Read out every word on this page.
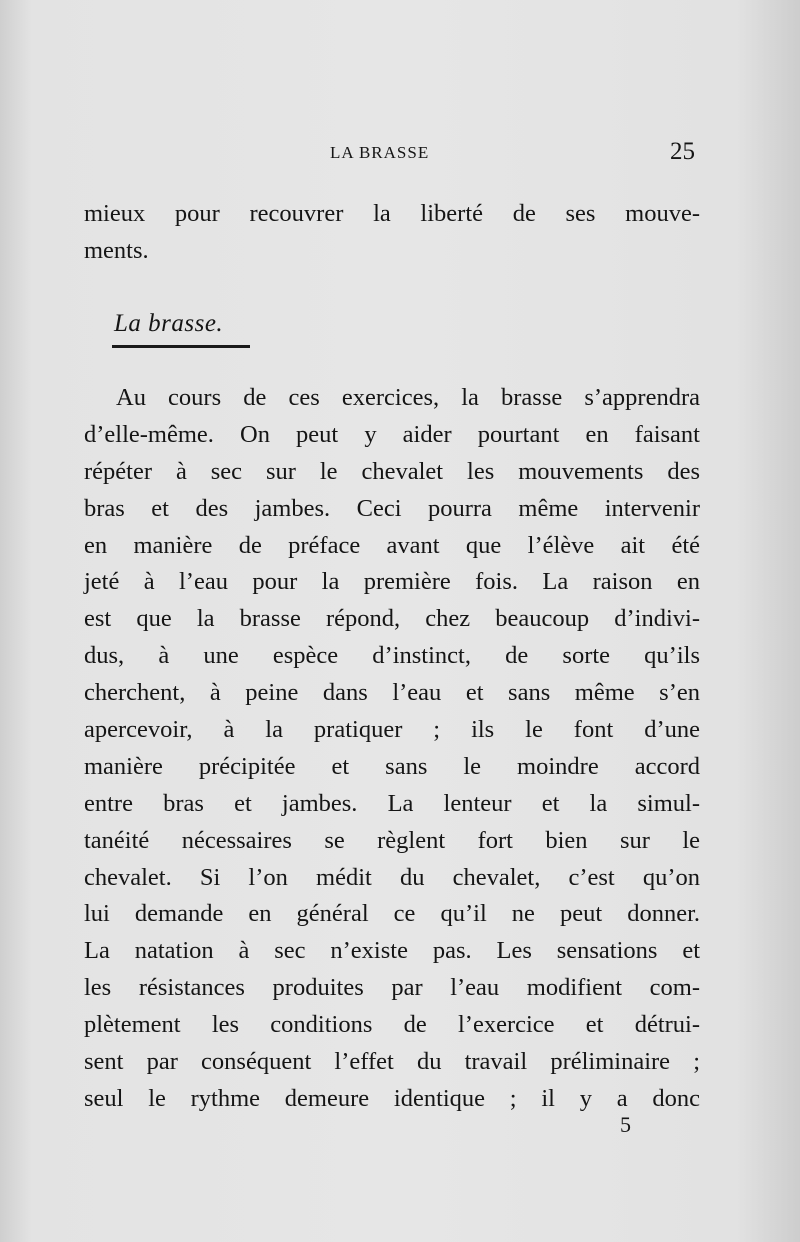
LA BRASSE	25
mieux pour recouvrer la liberté de ses mouve-
ments.
La brasse.
Au cours de ces exercices, la brasse s’apprendra
d’elle-même. On peut y aider pourtant en faisant
répéter à sec sur le chevalet les mouvements des
bras et des jambes. Ceci pourra même intervenir
en manière de préface avant que l’élève ait été
jeté à l’eau pour la première fois. La raison en
est que la brasse répond, chez beaucoup d’indivi-
dus, à une espèce d’instinct, de sorte qu’ils
cherchent, à peine dans l’eau et sans même s’en
apercevoir, à la pratiquer ; ils le font d’une
manière précipitée et sans le moindre accord
entre bras et jambes. La lenteur et la simul-
tanéité nécessaires se règlent fort bien sur le
chevalet. Si l’on médit du chevalet, c’est qu’on
lui demande en général ce qu’il ne peut donner.
La natation à sec n’existe pas. Les sensations et
les résistances produites par l’eau modifient com-
plètement les conditions de l’exercice et détrui-
sent par conséquent l’effet du travail préliminaire ;
seul le rythme demeure identique ; il y a donc
5
